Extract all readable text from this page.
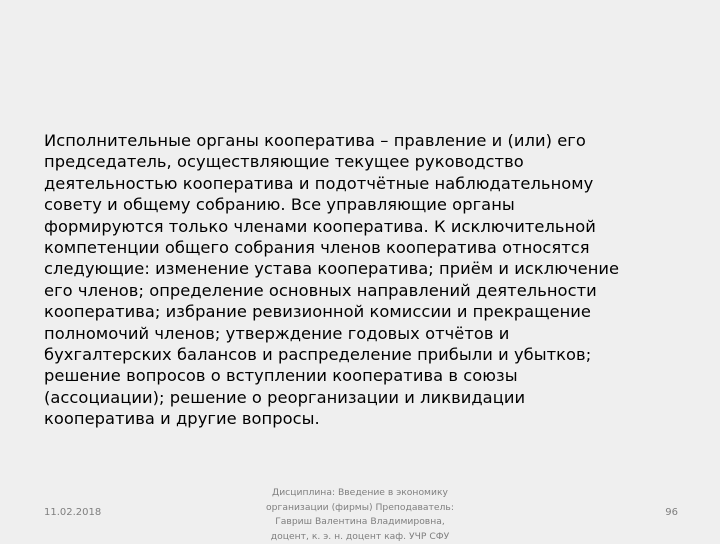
Исполнительные органы кооператива – правление и (или) его
председатель, осуществляющие текущее руководство
деятельностью кооператива и подотчётные наблюдательному
совету и общему собранию. Все управляющие органы
формируются только членами кооператива. К исключительной
компетенции общего собрания членов кооператива относятся
следующие: изменение устава кооператива; приём и исключение
его членов; определение основных направлений деятельности
кооператива; избрание ревизионной комиссии и прекращение
полномочий членов; утверждение годовых отчётов и
бухгалтерских балансов и распределение прибыли и убытков;
решение вопросов о вступлении кооператива в союзы
(ассоциации); решение о реорганизации и ликвидации
кооператива и другие вопросы.
11.02.2018
Дисциплина: Введение в экономику
организации (фирмы) Преподаватель:
Гавриш Валентина Владимировна,
доцент, к. э. н. доцент каф. УЧР СФУ
96
